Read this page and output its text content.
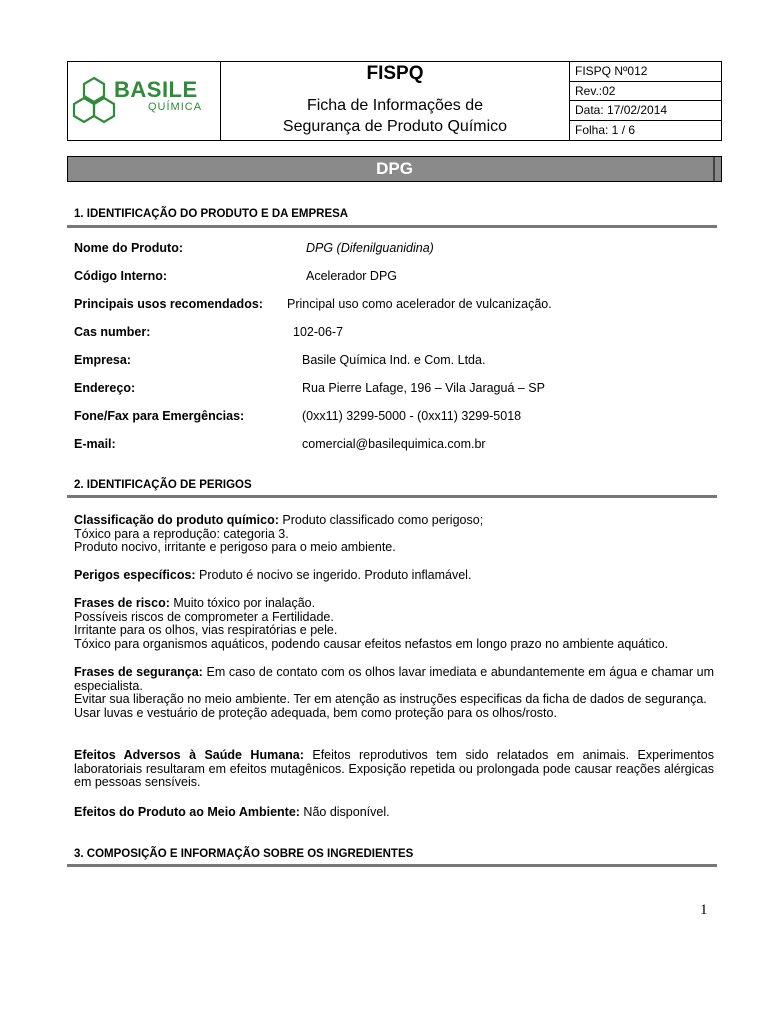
BASILE
QUÍMICA
FISPQ
Ficha de Informações de
Segurança de Produto Químico
FISPQ Nº012
Rev.:02
Data: 17/02/2014
Folha: 1 / 6
DPG
1. IDENTIFICAÇÃO DO PRODUTO E DA EMPRESA
Nome do Produto:	DPG (Difenilguanidina)
Código Interno:	Acelerador DPG
Principais usos recomendados: Principal uso como acelerador de vulcanização.
Cas number:	102-06-7
Empresa:	Basile Química Ind. e Com. Ltda.
Endereço:	Rua Pierre Lafage, 196 – Vila Jaraguá – SP
Fone/Fax para Emergências:	(0xx11) 3299-5000 - (0xx11) 3299-5018
E-mail:	comercial@basilequimica.com.br
2. IDENTIFICAÇÃO DE PERIGOS
Classificação do produto químico: Produto classificado como perigoso;
Tóxico para a reprodução: categoria 3.
Produto nocivo, irritante e perigoso para o meio ambiente.
Perigos específicos: Produto é nocivo se ingerido. Produto inflamável.
Frases de risco: Muito tóxico por inalação.
Possíveis riscos de comprometer a Fertilidade.
Irritante para os olhos, vias respiratórias e pele.
Tóxico para organismos aquáticos, podendo causar efeitos nefastos em longo prazo no ambiente aquático.
Frases de segurança: Em caso de contato com os olhos lavar imediata e abundantemente em água e chamar um especialista.
Evitar sua liberação no meio ambiente. Ter em atenção as instruções especificas da ficha de dados de segurança.
Usar luvas e vestuário de proteção adequada, bem como proteção para os olhos/rosto.
Efeitos Adversos à Saúde Humana: Efeitos reprodutivos tem sido relatados em animais. Experimentos laboratoriais resultaram em efeitos mutagênicos. Exposição repetida ou prolongada pode causar reações alérgicas em pessoas sensíveis.
Efeitos do Produto ao Meio Ambiente: Não disponível.
3. COMPOSIÇÃO E INFORMAÇÃO SOBRE OS INGREDIENTES
1
